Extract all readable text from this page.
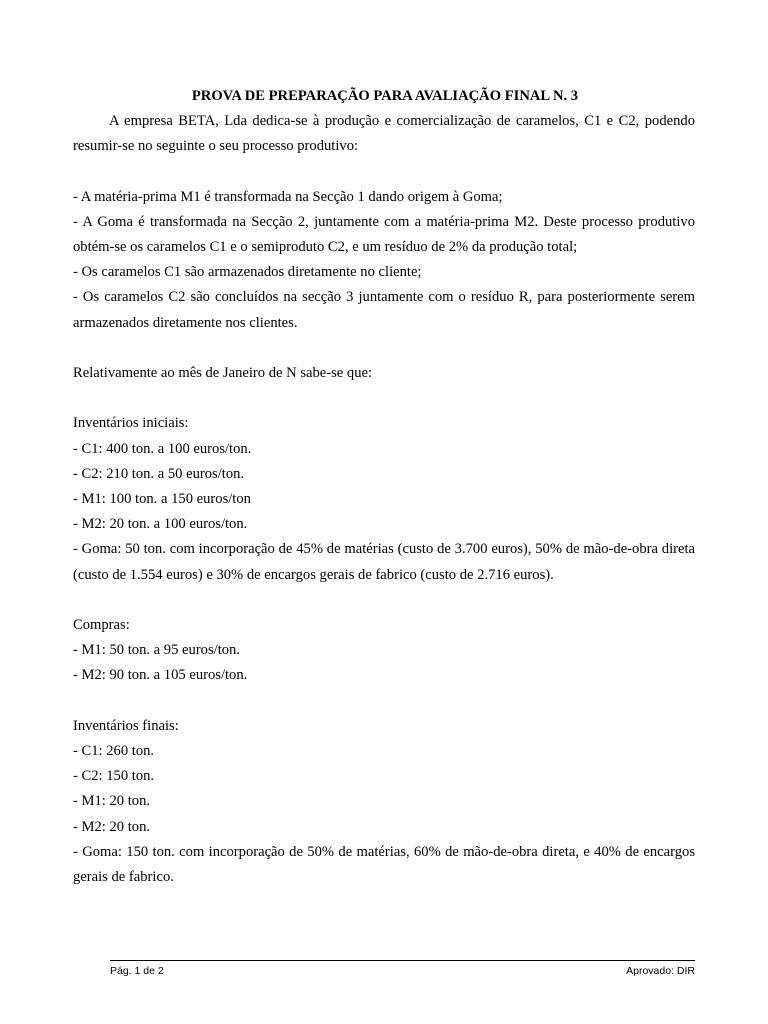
PROVA DE PREPARAÇÃO PARA AVALIAÇÃO FINAL N. 3

A empresa BETA, Lda dedica-se à produção e comercialização de caramelos, C1 e C2, podendo resumir-se no seguinte o seu processo produtivo:

- A matéria-prima M1 é transformada na Secção 1 dando origem à Goma;

- A Goma é transformada na Secção 2, juntamente com a matéria-prima M2. Deste processo produtivo obtém-se os caramelos C1 e o semiproduto C2, e um resíduo de 2% da produção total;

- Os caramelos C1 são armazenados diretamente no cliente;

- Os caramelos C2 são concluídos na secção 3 juntamente com o resíduo R, para posteriormente serem armazenados diretamente nos clientes.

Relativamente ao mês de Janeiro de N sabe-se que:

Inventários iniciais:

- C1: 400 ton. a 100 euros/ton.

- C2: 210 ton. a 50 euros/ton.

- M1: 100 ton. a 150 euros/ton

- M2: 20 ton. a 100 euros/ton.

- Goma: 50 ton. com incorporação de 45% de matérias (custo de 3.700 euros), 50% de mão-de-obra direta (custo de 1.554 euros) e 30% de encargos gerais de fabrico (custo de 2.716 euros).

Compras:

- M1: 50 ton. a 95 euros/ton.

- M2: 90 ton. a 105 euros/ton.

Inventários finais:

- C1: 260 ton.

- C2: 150 ton.

- M1: 20 ton.

- M2: 20 ton.

- Goma: 150 ton. com incorporação de 50% de matérias, 60% de mão-de-obra direta, e 40% de encargos gerais de fabrico.

Pág. 1 de 2	Aprovado: DIR
